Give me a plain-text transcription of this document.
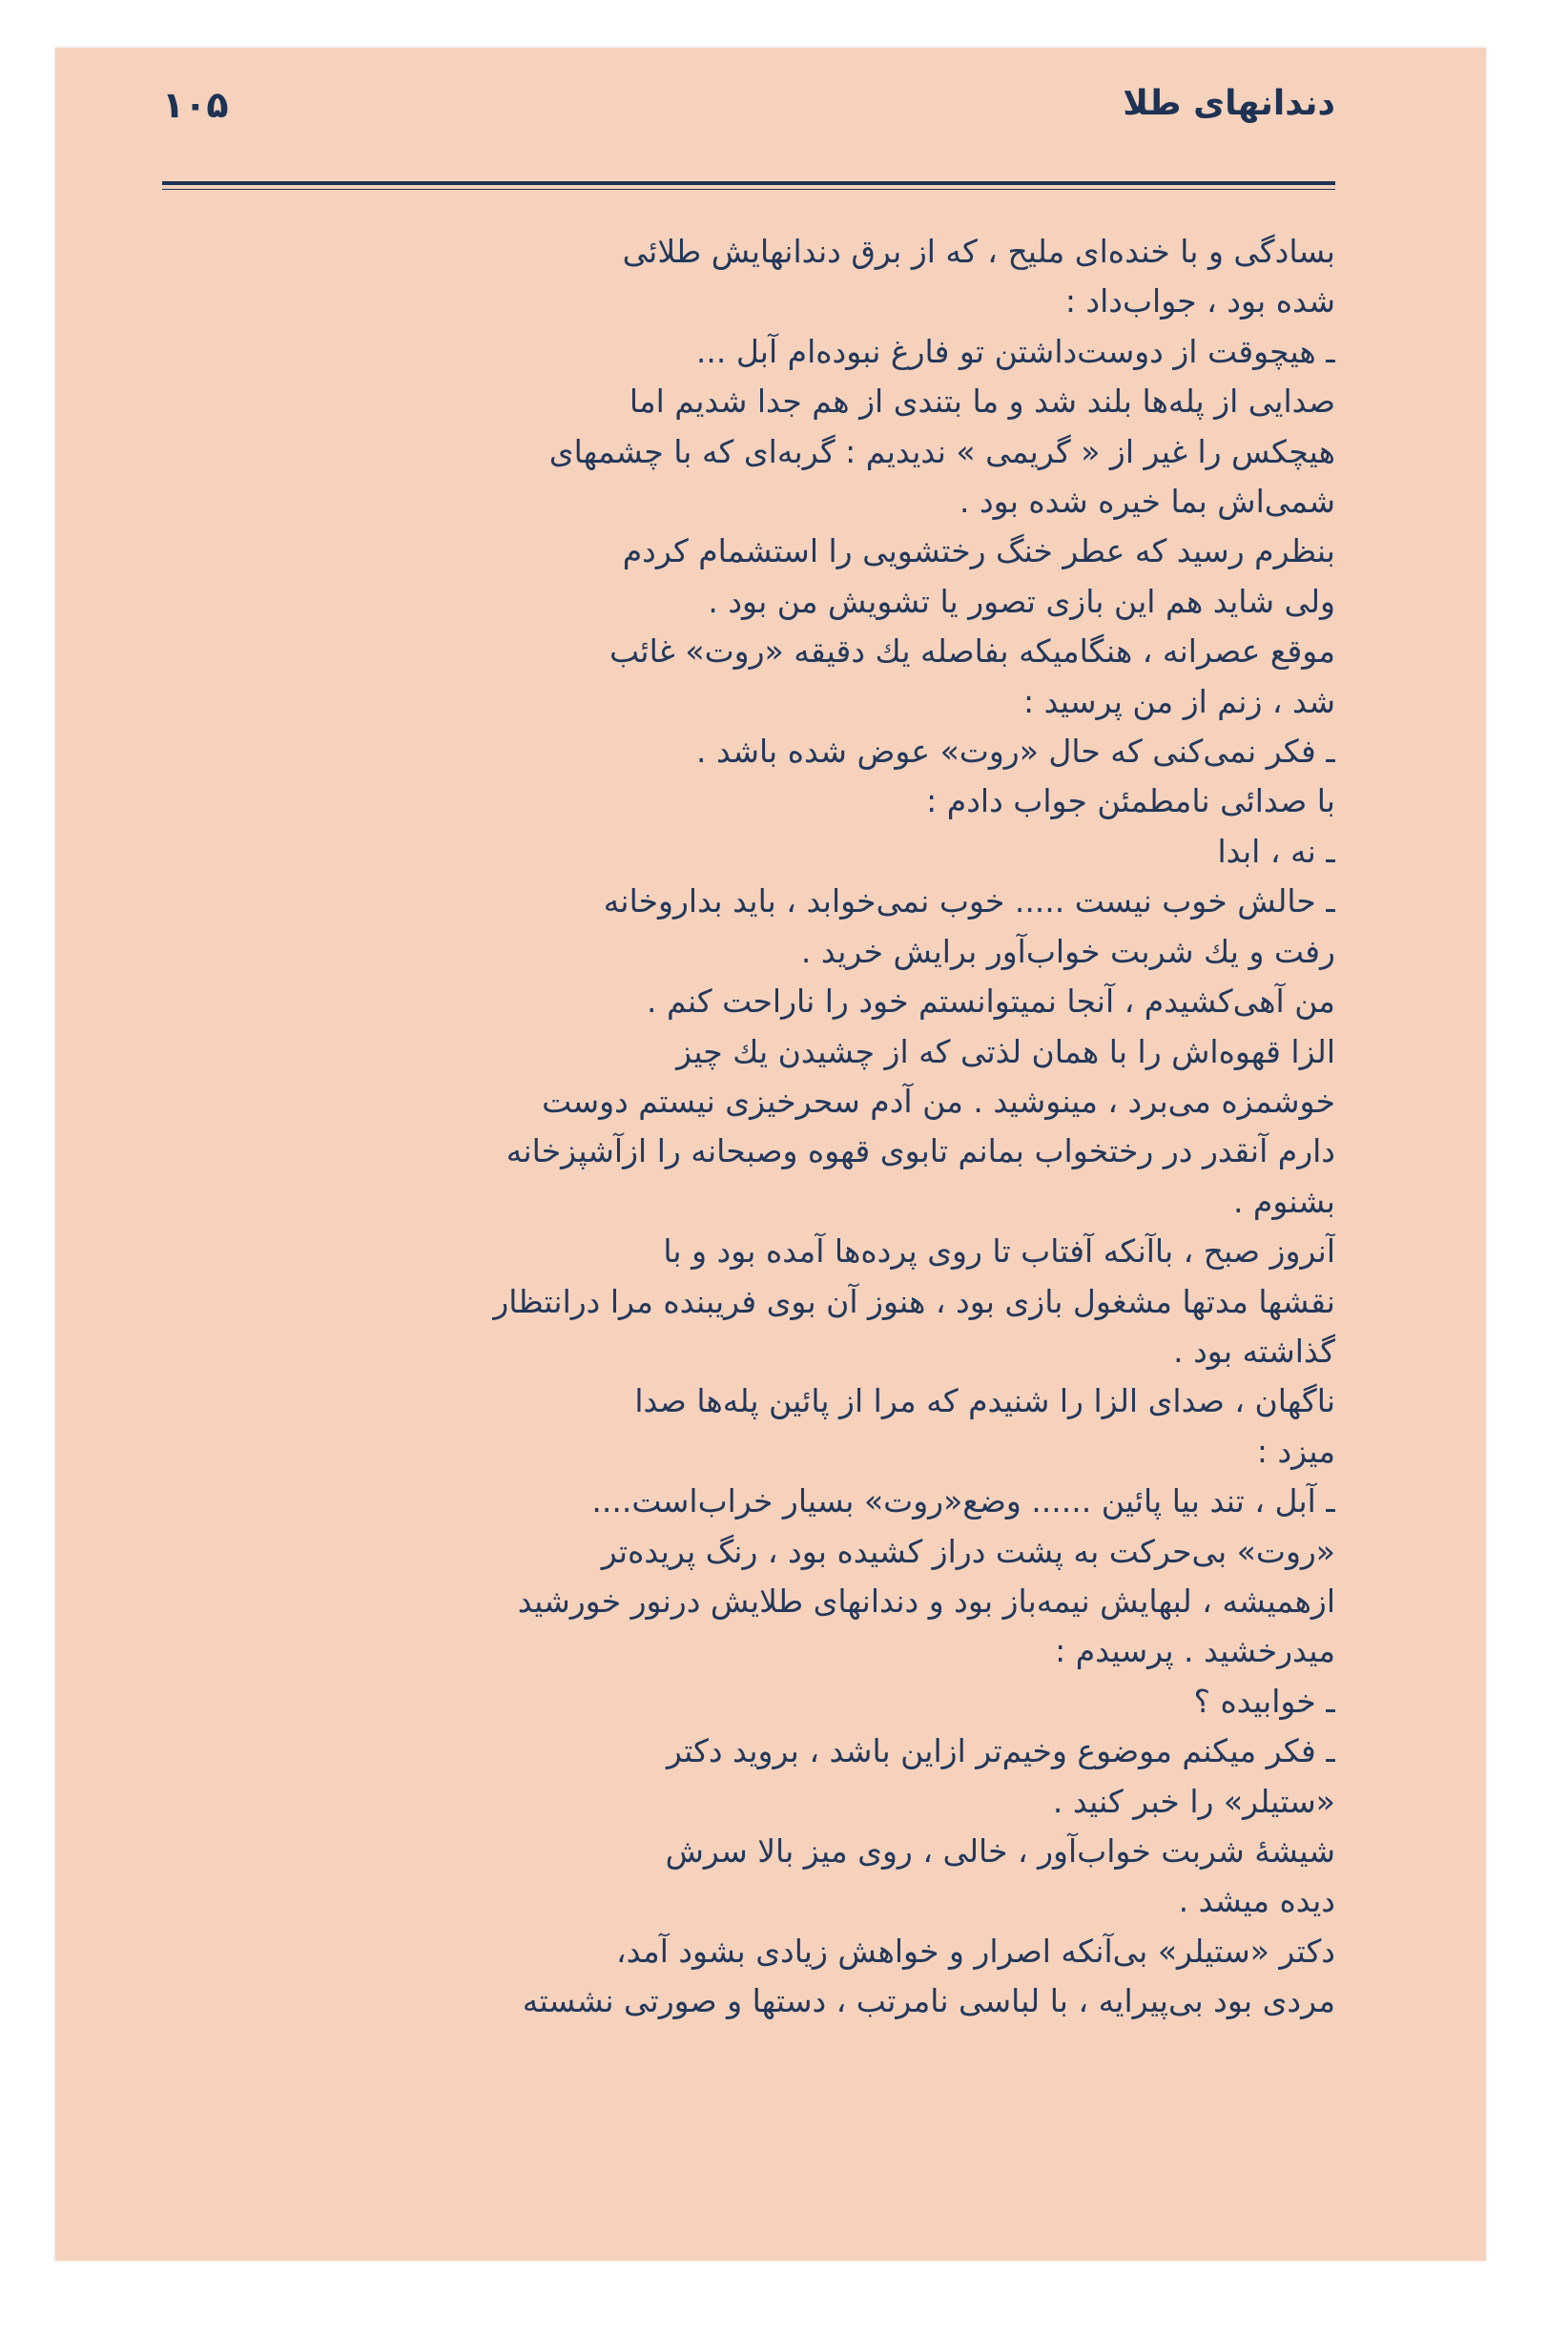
۱۰۵	دندانهای طلا

بسادگی و با خنده‌ای ملیح ، که از برق دندانهایش طلائی

شده بود ، جواب‌داد :

ـ هیچوقت از دوست‌داشتن تو فارغ نبوده‌ام آبل ...

صدایی از پله‌ها بلند شد و ما بتندی از هم جدا شدیم اما

هیچکس را غیر از « گریمی » ندیدیم : گربه‌ای که با چشمهای

شمی‌اش بما خیره شده بود .

بنظرم رسید که عطر خنگ رختشویی را استشمام کردم

ولی شاید هم این بازی تصور یا تشویش من بود .

موقع عصرانه ، هنگامیکه بفاصله یك دقیقه «روت» غائب

شد ، زنم از من پرسید :

ـ فکر نمی‌کنی که حال «روت» عوض شده باشد .

با صدائی نامطمئن جواب دادم :

ـ نه ، ابدا

ـ حالش خوب نیست ..... خوب نمی‌خوابد ، باید بداروخانه

رفت و یك شربت خواب‌آور برایش خرید .

من آهی‌کشیدم ، آنجا نمیتوانستم خود را ناراحت کنم .

الزا قهوه‌اش را با همان لذتی که از چشیدن یك چیز

خوشمزه می‌برد ، مینوشید . من آدم سحرخیزی نیستم دوست

دارم آنقدر در رختخواب بمانم تابوی قهوه وصبحانه را ازآشپزخانه

بشنوم .

آنروز صبح ، باآنکه آفتاب تا روی پرده‌ها آمده بود و با

نقشها مدتها مشغول بازی بود ، هنوز آن بوی فریبنده مرا درانتظار

گذاشته بود .

ناگهان ، صدای الزا را شنیدم که مرا از پائین پله‌ها صدا

میزد :

ـ آبل ، تند بیا پائین ...... وضع«روت» بسیار خراب‌است....

«روت» بی‌حرکت به پشت دراز کشیده بود ، رنگ پریده‌تر

ازهمیشه ، لبهایش نیمه‌باز بود و دندانهای طلایش درنور خورشید

میدرخشید . پرسیدم :

ـ خوابیده ؟

ـ فکر میکنم موضوع وخیم‌تر ازاین باشد ، بروید دکتر

«ستیلر» را خبر کنید .

شیشهٔ شربت خواب‌آور ، خالی ، روی میز بالا سرش

دیده میشد .

دکتر «ستیلر» بی‌آنکه اصرار و خواهش زیادی بشود آمد،

مردی بود بی‌پیرایه ، با لباسی نامرتب ، دستها و صورتی نشسته
